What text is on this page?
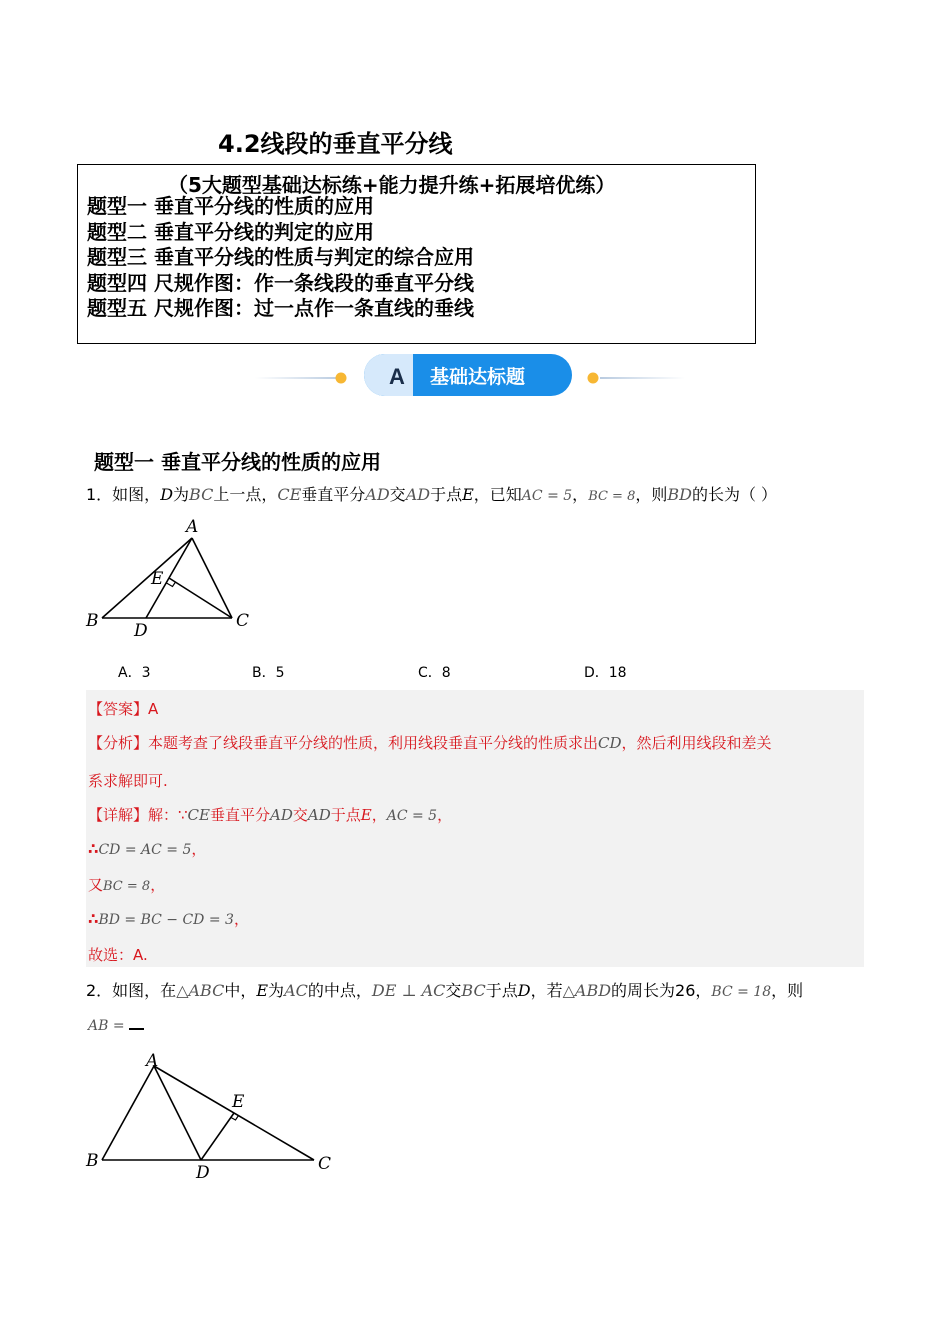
4.2线段的垂直平分线
（5大题型基础达标练+能力提升练+拓展培优练）
题型一 垂直平分线的性质的应用
题型二 垂直平分线的判定的应用
题型三 垂直平分线的性质与判定的综合应用
题型四 尺规作图：作一条线段的垂直平分线
题型五 尺规作图：过一点作一条直线的垂线
A 基础达标题
题型一 垂直平分线的性质的应用
1．如图，D为BC上一点，CE垂直平分AD交AD于点E，已知AC = 5，BC = 8，则BD的长为（ ）
A
B	C
D
E
A．3	B．5	C．8	D．18
【答案】A
【分析】本题考查了线段垂直平分线的性质，利用线段垂直平分线的性质求出CD，然后利用线段和差关
系求解即可.
【详解】解：∵CE垂直平分AD交AD于点E，AC = 5，
∴CD = AC = 5，
又BC = 8，
∴BD = BC − CD = 3，
故选：A.
2．如图，在△ABC中，E为AC的中点，DE ⊥ AC交BC于点D，若△ABD的周长为26，BC = 18，则
AB =
A
B	C
D
E
